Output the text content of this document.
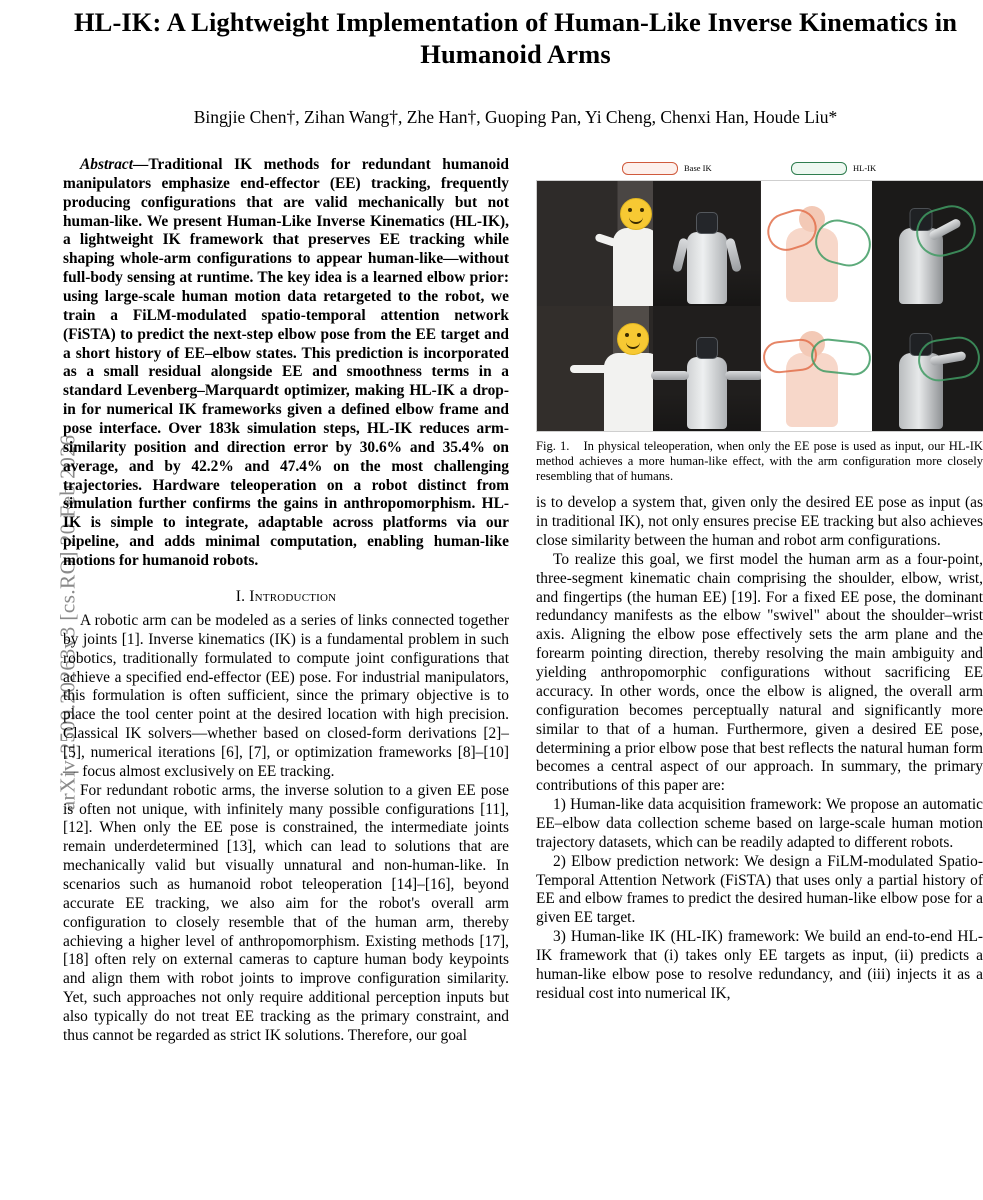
arXiv:2509.20263v3 [cs.RO] 20 Feb 2026
HL-IK: A Lightweight Implementation of Human-Like Inverse Kinematics in Humanoid Arms
Bingjie Chen†, Zihan Wang†, Zhe Han†, Guoping Pan, Yi Cheng, Chenxi Han, Houde Liu*

Abstract—Traditional IK methods for redundant humanoid manipulators emphasize end-effector (EE) tracking, frequently producing configurations that are valid mechanically but not human-like. We present Human-Like Inverse Kinematics (HL-IK), a lightweight IK framework that preserves EE tracking while shaping whole-arm configurations to appear human-like—without full-body sensing at runtime. The key idea is a learned elbow prior: using large-scale human motion data retargeted to the robot, we train a FiLM-modulated spatio-temporal attention network (FiSTA) to predict the next-step elbow pose from the EE target and a short history of EE–elbow states. This prediction is incorporated as a small residual alongside EE and smoothness terms in a standard Levenberg–Marquardt optimizer, making HL-IK a drop-in for numerical IK frameworks given a defined elbow frame and pose interface. Over 183k simulation steps, HL-IK reduces arm-similarity position and direction error by 30.6% and 35.4% on average, and by 42.2% and 47.4% on the most challenging trajectories. Hardware teleoperation on a robot distinct from simulation further confirms the gains in anthropomorphism. HL-IK is simple to integrate, adaptable across platforms via our pipeline, and adds minimal computation, enabling human-like motions for humanoid robots.

I. Introduction

A robotic arm can be modeled as a series of links connected together by joints [1]. Inverse kinematics (IK) is a fundamental problem in such robotics, traditionally formulated to compute joint configurations that achieve a specified end-effector (EE) pose. For industrial manipulators, this formulation is often sufficient, since the primary objective is to place the tool center point at the desired location with high precision. Classical IK solvers—whether based on closed-form derivations [2]–[5], numerical iterations [6], [7], or optimization frameworks [8]–[10] — focus almost exclusively on EE tracking.

For redundant robotic arms, the inverse solution to a given EE pose is often not unique, with infinitely many possible configurations [11], [12]. When only the EE pose is constrained, the intermediate joints remain underdetermined [13], which can lead to solutions that are mechanically valid but visually unnatural and non-human-like. In scenarios such as humanoid robot teleoperation [14]–[16], beyond accurate EE tracking, we also aim for the robot's overall arm configuration to closely resemble that of the human arm, thereby achieving a higher level of anthropomorphism. Existing methods [17], [18] often rely on external cameras to capture human body keypoints and align them with robot joints to improve configuration similarity. Yet, such approaches not only require additional perception inputs but also typically do not treat EE tracking as the primary constraint, and thus cannot be regarded as strict IK solutions. Therefore, our goal

Base IK	HL-IK

Fig. 1. In physical teleoperation, when only the EE pose is used as input, our HL-IK method achieves a more human-like effect, with the arm configuration more closely resembling that of humans.

is to develop a system that, given only the desired EE pose as input (as in traditional IK), not only ensures precise EE tracking but also achieves close similarity between the human and robot arm configurations.

To realize this goal, we first model the human arm as a four-point, three-segment kinematic chain comprising the shoulder, elbow, wrist, and fingertips (the human EE) [19]. For a fixed EE pose, the dominant redundancy manifests as the elbow "swivel" about the shoulder–wrist axis. Aligning the elbow pose effectively sets the arm plane and the forearm pointing direction, thereby resolving the main ambiguity and yielding anthropomorphic configurations without sacrificing EE accuracy. In other words, once the elbow is aligned, the overall arm configuration becomes perceptually natural and significantly more similar to that of a human. Furthermore, given a desired EE pose, determining a prior elbow pose that best reflects the natural human form becomes a central aspect of our approach. In summary, the primary contributions of this paper are:

1) Human-like data acquisition framework: We propose an automatic EE–elbow data collection scheme based on large-scale human motion trajectory datasets, which can be readily adapted to different robots.

2) Elbow prediction network: We design a FiLM-modulated Spatio-Temporal Attention Network (FiSTA) that uses only a partial history of EE and elbow frames to predict the desired human-like elbow pose for a given EE target.

3) Human-like IK (HL-IK) framework: We build an end-to-end HL-IK framework that (i) takes only EE targets as input, (ii) predicts a human-like elbow pose to resolve redundancy, and (iii) injects it as a residual cost into numerical IK,
